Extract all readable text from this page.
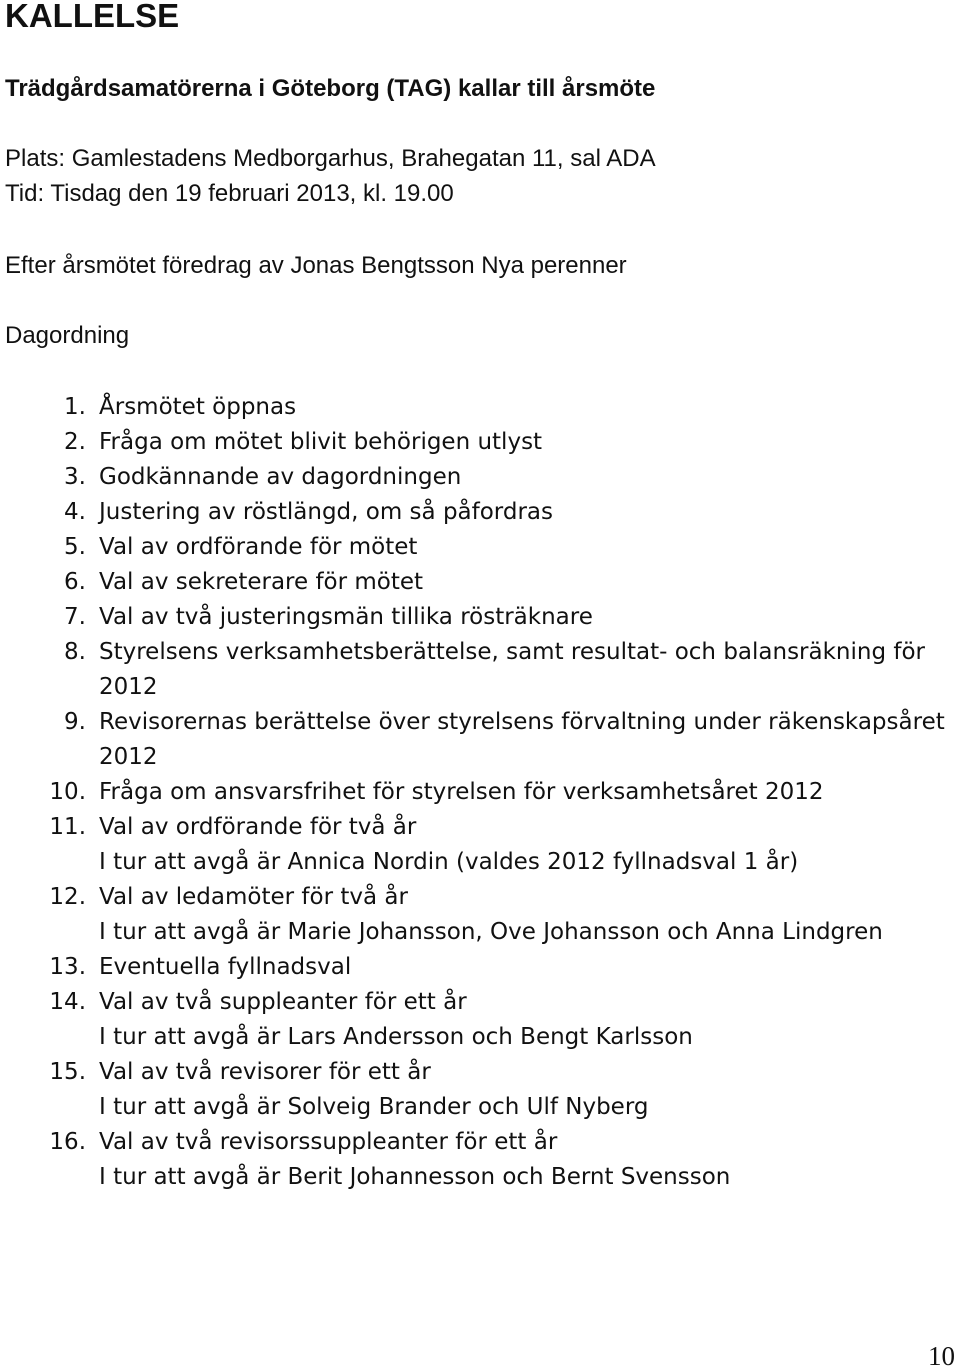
KALLELSE

Trädgårdsamatörerna i Göteborg (TAG) kallar till årsmöte

Plats: Gamlestadens Medborgarhus, Brahegatan 11, sal ADA

Tid: Tisdag den 19 februari 2013, kl. 19.00

Efter årsmötet föredrag av Jonas Bengtsson Nya perenner

Dagordning

1. Årsmötet öppnas
2. Fråga om mötet blivit behörigen utlyst
3. Godkännande av dagordningen
4. Justering av röstlängd, om så påfordras
5. Val av ordförande för mötet
6. Val av sekreterare för mötet
7. Val av två justeringsmän tillika rösträknare
8. Styrelsens verksamhetsberättelse, samt resultat- och balansräkning för
2012
9. Revisorernas berättelse över styrelsens förvaltning under räkenskapsåret
2012
10. Fråga om ansvarsfrihet för styrelsen för verksamhetsåret 2012
11. Val av ordförande för två år
I tur att avgå är Annica Nordin (valdes 2012 fyllnadsval 1 år)
12. Val av ledamöter för två år
I tur att avgå är Marie Johansson, Ove Johansson och Anna Lindgren
13. Eventuella fyllnadsval
14. Val av två suppleanter för ett år
I tur att avgå är Lars Andersson och Bengt Karlsson
15. Val av två revisorer för ett år
I tur att avgå är Solveig Brander och Ulf Nyberg
16. Val av två revisorssuppleanter för ett år
I tur att avgå är Berit Johannesson och Bernt Svensson
10
